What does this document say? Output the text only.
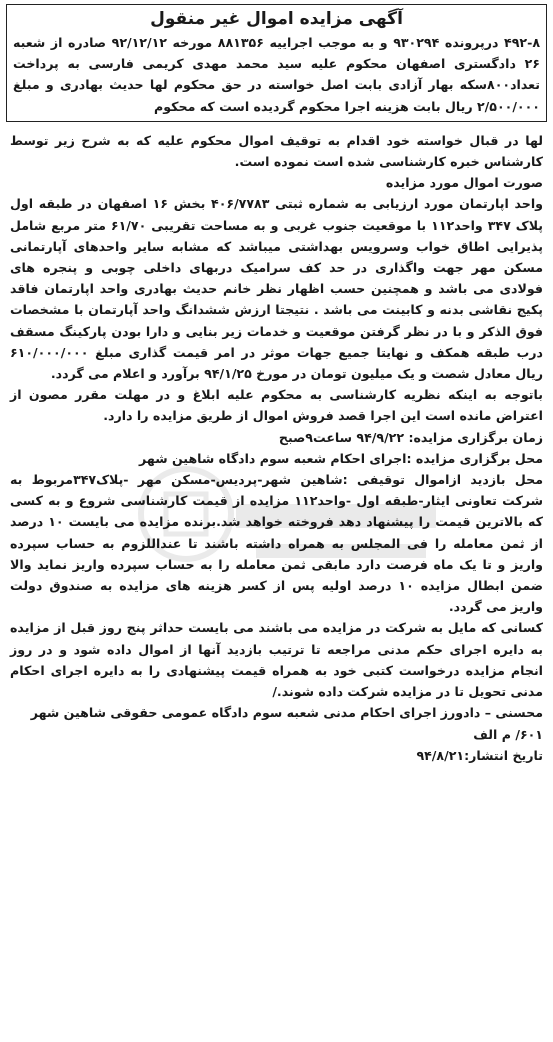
آگهی مزایده اموال غیر منقول

۴۹۲-۸ درپرونده ۹۳۰۲۹۴ و به موجب اجراییه ۸۸۱۳۵۶ مورخه ۹۲/۱۲/۱۲ صادره از شعبه ۲۶ دادگستری اصفهان محکوم علیه سید محمد مهدی کریمی فارسی به پرداخت تعداد۸۰۰سکه بهار آزادی بابت اصل خواسته در حق محکوم لها حدیث بهادری و مبلغ ۲/۵۰۰/۰۰۰ ریال بابت هزینه اجرا محکوم گردیده است که محکوم

لها در قبال خواسته خود اقدام به توقیف اموال محکوم علیه که به شرح زیر توسط کارشناس خبره کارشناسی شده است نموده است.

صورت اموال مورد مزایده

واحد اپارتمان مورد ارزیابی به شماره ثبتی ۴۰۶/۷۷۸۳ بخش ۱۶ اصفهان در طبقه اول پلاک ۳۴۷ واحد۱۱۲ با موقعیت جنوب غربی و به مساحت تقریبی ۶۱/۷۰ متر مربع شامل پذیرایی اطاق خواب وسرویس بهداشتی میباشد که مشابه سایر واحدهای آپارتمانی مسکن مهر جهت واگذاری در حد کف سرامیک دربهای داخلی چوبی و پنجره های فولادی می باشد و همچنین حسب اظهار نظر خانم حدیث بهادری واحد اپارتمان فاقد پکیج نقاشی بدنه و کابینت می باشد . نتیجتا ارزش ششدانگ واحد آپارتمان با مشخصات فوق الذکر و با در نظر گرفتن موقعیت و خدمات زیر بنایی و دارا بودن پارکینگ مسقف درب طبقه همکف و نهایتا جمیع جهات موثر در امر قیمت گذاری مبلغ ۶۱۰/۰۰۰/۰۰۰ ریال معادل شصت و یک میلیون تومان در مورخ ۹۴/۱/۲۵ برآورد و اعلام می گردد.

باتوجه به اینکه نظریه کارشناسی به محکوم علیه ابلاغ و در مهلت مقرر مصون از اعتراض مانده است این اجرا قصد فروش اموال از طریق مزایده را دارد.

زمان برگزاری مزایده: ۹۴/۹/۲۲ ساعت۹صبح

محل برگزاری مزایده :اجرای احکام شعبه سوم دادگاه شاهین شهر

محل بازدید ازاموال توقیفی :شاهین شهر-پردیس-مسکن مهر -پلاک۳۴۷مربوط به شرکت تعاونی ایثار-طبقه اول -واحد۱۱۲ مزایده از قیمت کارشناسی شروع و به کسی که بالاترین قیمت را پیشنهاد دهد فروخته خواهد شد.برنده مزایده می بایست ۱۰ درصد از ثمن معامله را فی المجلس به همراه داشته باشند تا عنداللزوم به حساب سپرده واریز و تا یک ماه فرصت دارد مابقی ثمن معامله را به حساب سپرده واریز نماید والا ضمن ابطال مزایده ۱۰ درصد اولیه پس از کسر هزینه های مزایده به صندوق دولت واریز می گردد.

کسانی که مایل به شرکت در مزایده می باشند می بایست حداثر پنج روز قبل از مزایده به دایره اجرای حکم مدنی مراجعه تا ترتیب بازدید آنها از اموال داده شود و در روز انجام مزایده درخواست کتبی خود به همراه قیمت پیشنهادی را به دایره اجرای احکام مدنی تحویل تا در مزایده شرکت داده شوند./

محسنی – دادورز اجرای احکام مدنی شعبه سوم دادگاه عمومی حقوقی شاهین شهر

۶۰۱/ م الف

تاریخ انتشار:۹۴/۸/۲۱
